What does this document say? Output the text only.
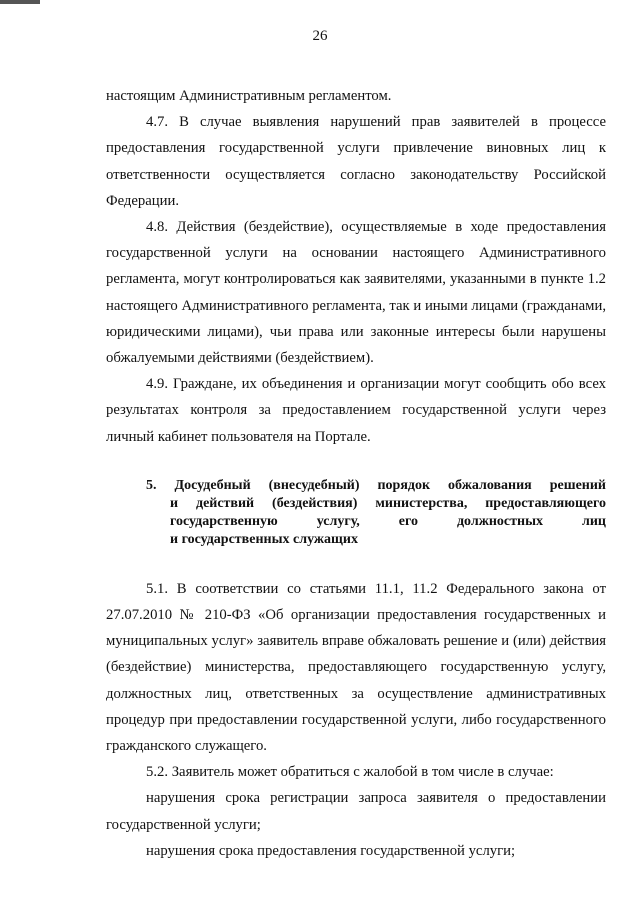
26

настоящим Административным регламентом.

4.7. В случае выявления нарушений прав заявителей в процессе предоставления государственной услуги привлечение виновных лиц к ответственности осуществляется согласно законодательству Российской Федерации.

4.8. Действия (бездействие), осуществляемые в ходе предоставления государственной услуги на основании настоящего Административного регламента, могут контролироваться как заявителями, указанными в пункте 1.2 настоящего Административного регламента, так и иными лицами (гражданами, юридическими лицами), чьи права или законные интересы были нарушены обжалуемыми действиями (бездействием).

4.9. Граждане, их объединения и организации могут сообщить обо всех результатах контроля за предоставлением государственной услуги через личный кабинет пользователя на Портале.

5. Досудебный (внесудебный) порядок обжалования решений
и действий (бездействия) министерства, предоставляющего
государственную услугу, его должностных лиц
и государственных служащих

5.1. В соответствии со статьями 11.1, 11.2 Федерального закона от 27.07.2010 № 210-ФЗ «Об организации предоставления государственных и муниципальных услуг» заявитель вправе обжаловать решение и (или) действия (бездействие) министерства, предоставляющего государственную услугу, должностных лиц, ответственных за осуществление административных процедур при предоставлении государственной услуги, либо государственного гражданского служащего.

5.2. Заявитель может обратиться с жалобой в том числе в случае:

нарушения срока регистрации запроса заявителя о предоставлении государственной услуги;

нарушения срока предоставления государственной услуги;
